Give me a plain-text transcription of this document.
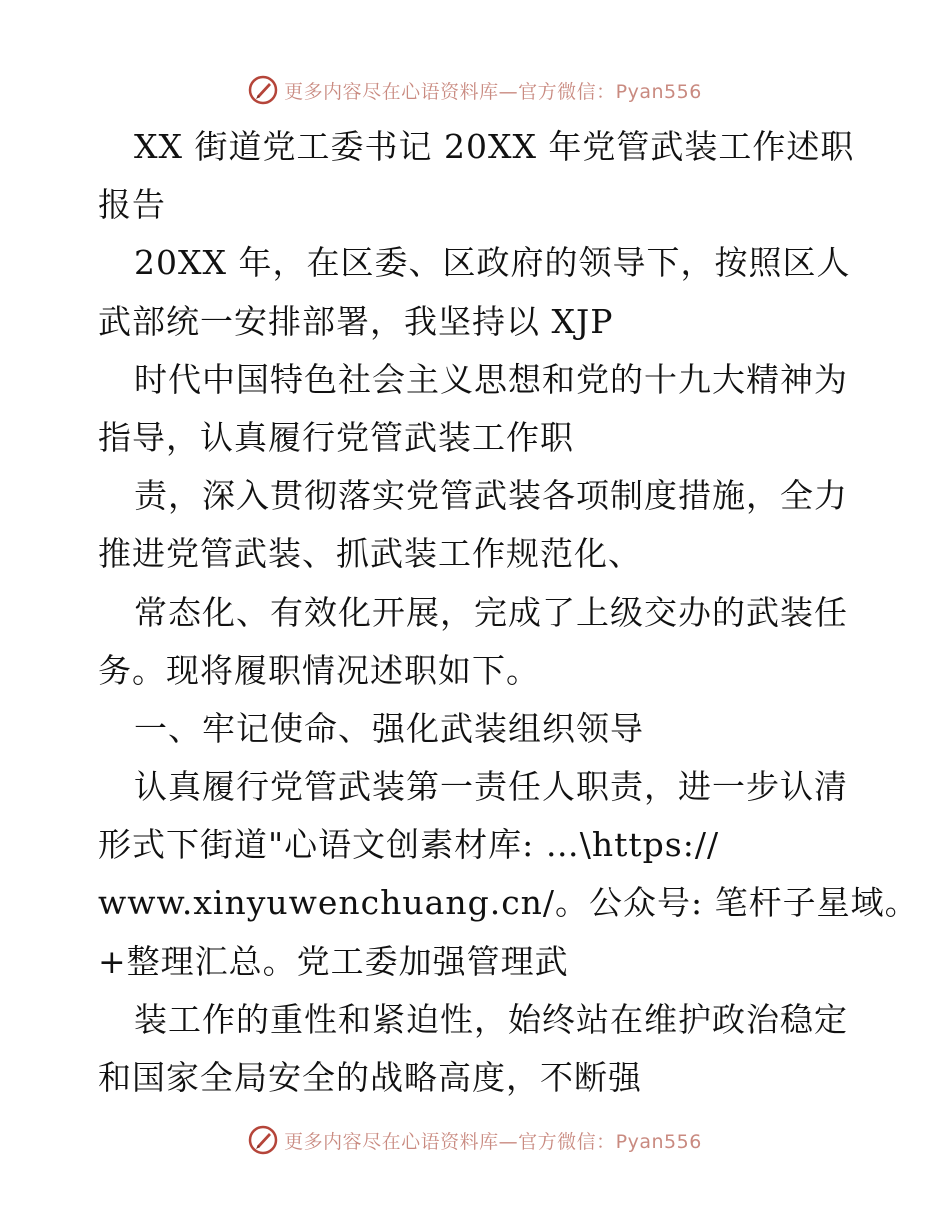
更多内容尽在心语资料库—官方微信：Pyan556
XX 街道党工委书记 20XX 年党管武装工作述职
报告
20XX 年，在区委、区政府的领导下，按照区人
武部统一安排部署，我坚持以 XJP
时代中国特色社会主义思想和党的十九大精神为
指导，认真履行党管武装工作职
责，深入贯彻落实党管武装各项制度措施，全力
推进党管武装、抓武装工作规范化、
常态化、有效化开展，完成了上级交办的武装任
务。现将履职情况述职如下。
一、牢记使命、强化武装组织领导
认真履行党管武装第一责任人职责，进一步认清
形式下街道"心语文创素材库: …\https://
www.xinyuwenchuang.cn/。公众号: 笔杆子星域。
+整理汇总。党工委加强管理武
装工作的重性和紧迫性，始终站在维护政治稳定
和国家全局安全的战略高度，不断强
更多内容尽在心语资料库—官方微信：Pyan556
